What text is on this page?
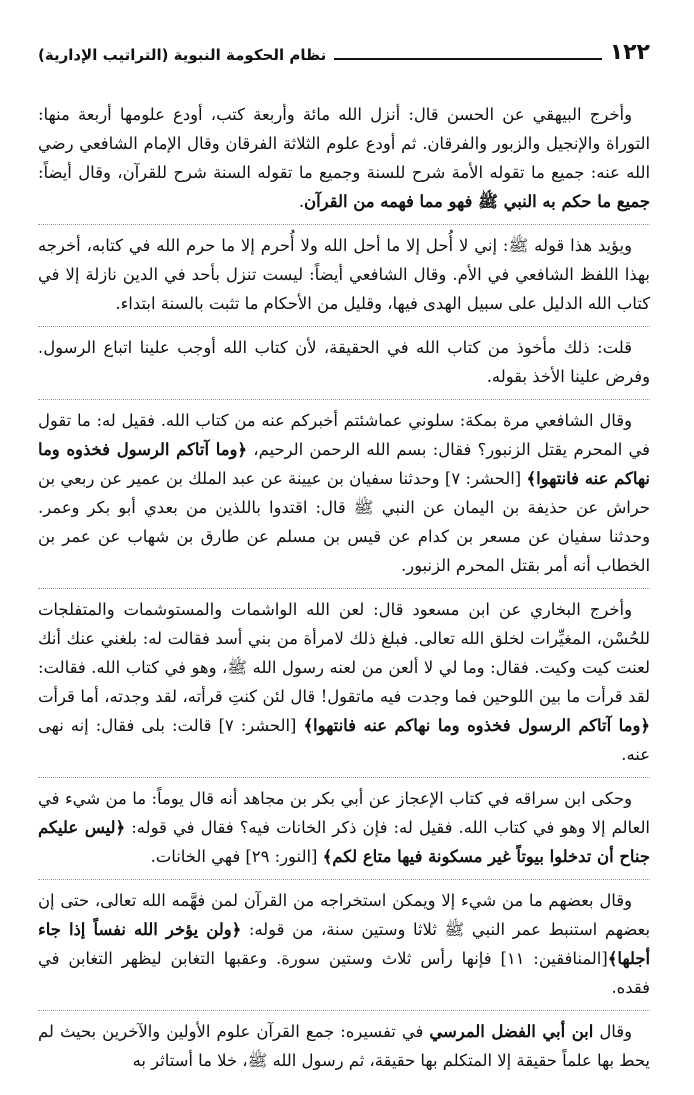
نظام الحكومة النبوية (التراتيب الإدارية)	١٢٢

وأخرج البيهقي عن الحسن قال: أنزل الله مائة وأربعة كتب، أودع علومها أربعة منها: التوراة والإنجيل والزبور والفرقان. ثم أودع علوم الثلاثة الفرقان وقال الإمام الشافعي رضي الله عنه: جميع ما تقوله الأمة شرح للسنة وجميع ما تقوله السنة شرح للقرآن، وقال أيضاً: جميع ما حكم به النبي ﷺ فهو مما فهمه من القرآن.

ويؤيد هذا قوله ﷺ: إني لا أُحل إلا ما أحل الله ولا أُحرم إلا ما حرم الله في كتابه، أخرجه بهذا اللفظ الشافعي في الأم. وقال الشافعي أيضاً: ليست تنزل بأحد في الدين نازلة إلا في كتاب الله الدليل على سبيل الهدى فيها، وقليل من الأحكام ما تثبت بالسنة ابتداء.

قلت: ذلك مأخوذ من كتاب الله في الحقيقة، لأن كتاب الله أوجب علينا اتباع الرسول. وفرض علينا الأخذ بقوله.

وقال الشافعي مرة بمكة: سلوني عماشئتم أخبركم عنه من كتاب الله. فقيل له: ما تقول في المحرم يقتل الزنبور؟ فقال: بسم الله الرحمن الرحيم، ﴿وما آتاكم الرسول فخذوه وما نهاكم عنه فانتهوا﴾ [الحشر: ٧] وحدثنا سفيان بن عيينة عن عبد الملك بن عمير عن ربعي بن حراش عن حذيفة بن اليمان عن النبي ﷺ قال: اقتدوا باللذين من بعدي أبو بكر وعمر. وحدثنا سفيان عن مسعر بن كدام عن قيس بن مسلم عن طارق بن شهاب عن عمر بن الخطاب أنه أمر بقتل المحرم الزنبور.

وأخرج البخاري عن ابن مسعود قال: لعن الله الواشمات والمستوشمات والمتفلجات للحُسْن، المغيِّرات لخلق الله تعالى. فبلغ ذلك لامرأة من بني أسد فقالت له: بلغني عنك أنك لعنت كيت وكيت. فقال: وما لي لا ألعن من لعنه رسول الله ﷺ، وهو في كتاب الله. فقالت: لقد قرأت ما بين اللوحين فما وجدت فيه ماتقول! قال لئن كنتِ قرأته، لقد وجدته، أما قرأت ﴿وما آتاكم الرسول فخذوه وما نهاكم عنه فانتهوا﴾ [الحشر: ٧] قالت: بلى فقال: إنه نهى عنه.

وحكى ابن سراقه في كتاب الإعجاز عن أبي بكر بن مجاهد أنه قال يوماً: ما من شيء في العالم إلا وهو في كتاب الله. فقيل له: فإن ذكر الخانات فيه؟ فقال في قوله: ﴿ليس عليكم جناح أن تدخلوا بيوتاً غير مسكونة فيها متاع لكم﴾ [النور: ٢٩] فهي الخانات.

وقال بعضهم ما من شيء إلا ويمكن استخراجه من القرآن لمن فهَّمه الله تعالى، حتى إن بعضهم استنبط عمر النبي ﷺ ثلاثا وستين سنة، من قوله: ﴿ولن يؤخر الله نفساً إذا جاء أجلها﴾[المنافقين: ١١] فإنها رأس ثلاث وستين سورة. وعقبها التغابن ليظهر التغابن في فقده.

وقال ابن أبي الفضل المرسي في تفسيره: جمع القرآن علوم الأولين والآخرين بحيث لم يحط بها علماً حقيقة إلا المتكلم بها حقيقة، ثم رسول الله ﷺ، خلا ما أستاثر به
